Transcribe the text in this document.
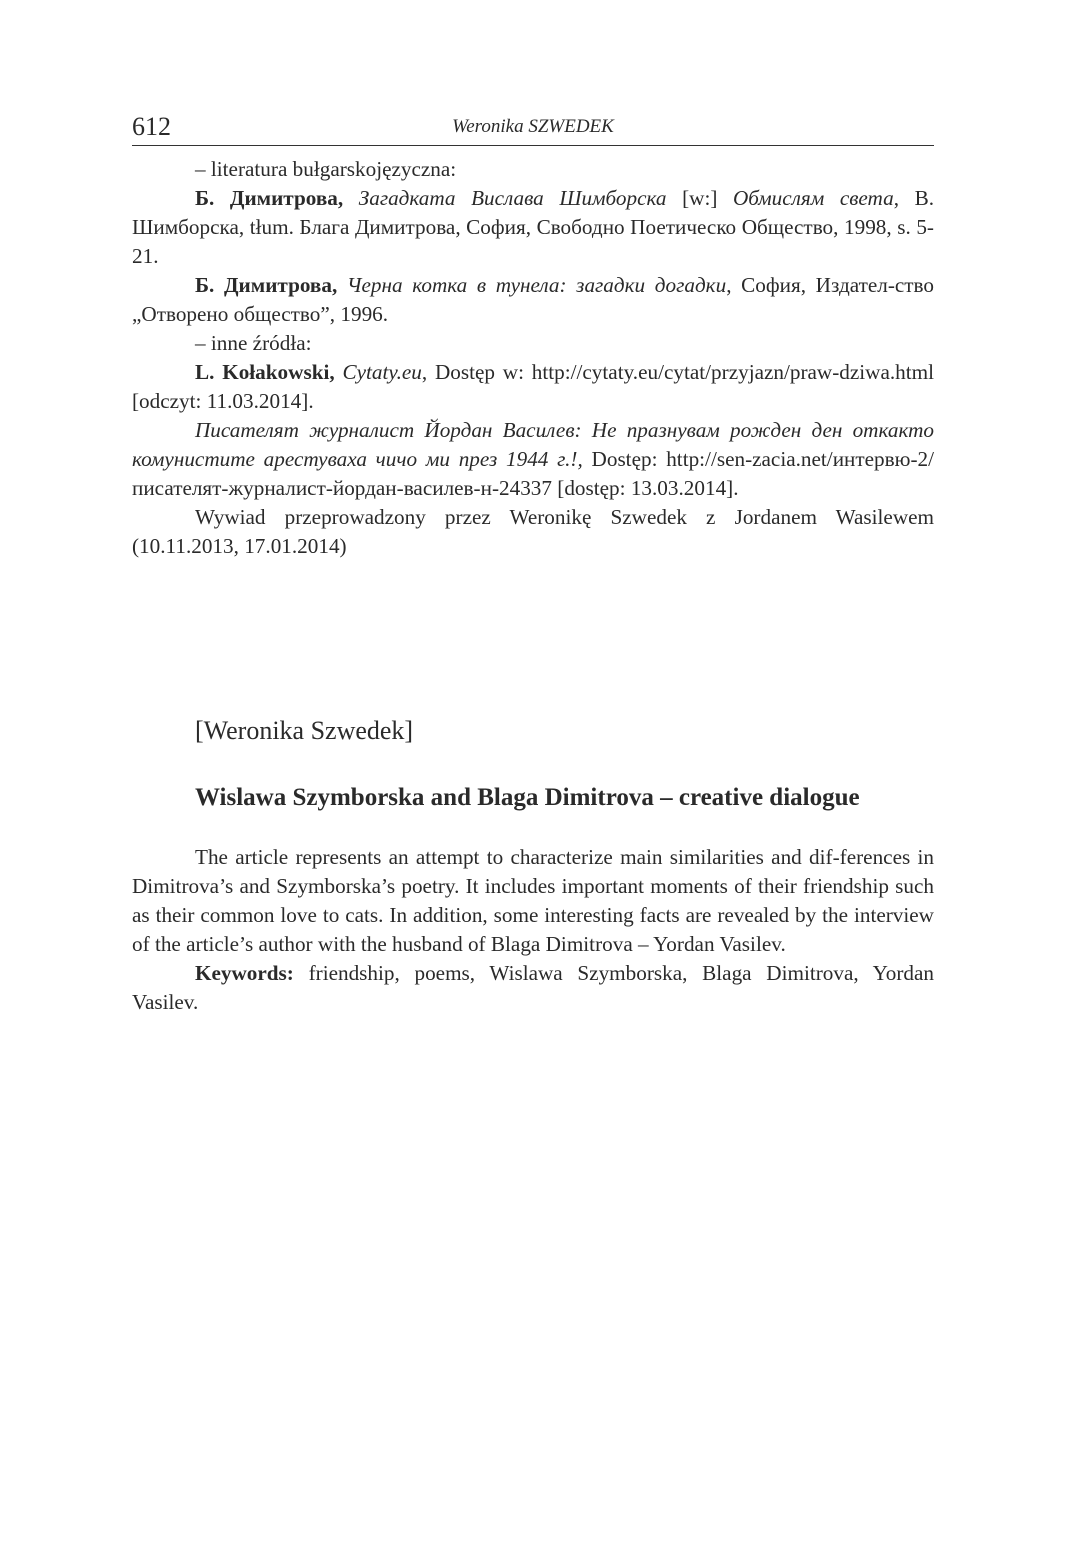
612	Weronika SZWEDEK

– literatura bułgarskojęzyczna:

Б. Димитрова, Загадката Вислава Шимборска [w:] Обмислям света, В. Шимборска, tłum. Блага Димитрова, София, Свободно Поетическо Общество, 1998, s. 5-21.

Б. Димитрова, Черна котка в тунела: загадки догадки, София, Издател-ство „Отворено общество”, 1996.

– inne źródła:

L. Kołakowski, Cytaty.eu, Dostęp w: http://cytaty.eu/cytat/przyjazn/praw-dziwa.html [odczyt: 11.03.2014].

Писателят журналист Йордан Василев: Не празнувам рожден ден откакто комунистите арестуваха чичо ми през 1944 г.!, Dostęp: http://sen-zacia.net/интервю-2/писателят-журналист-йордан-василев-н-24337 [dostęp: 13.03.2014].

Wywiad przeprowadzony przez Weronikę Szwedek z Jordanem Wasilewem (10.11.2013, 17.01.2014)

[Weronika Szwedek]
Wislawa Szymborska and Blaga Dimitrova – creative dialogue

The article represents an attempt to characterize main similarities and dif-ferences in Dimitrova’s and Szymborska’s poetry. It includes important moments of their friendship such as their common love to cats. In addition, some interesting facts are revealed by the interview of the article’s author with the husband of Blaga Dimitrova – Yordan Vasilev.

Keywords: friendship, poems, Wislawa Szymborska, Blaga Dimitrova, Yordan Vasilev.
